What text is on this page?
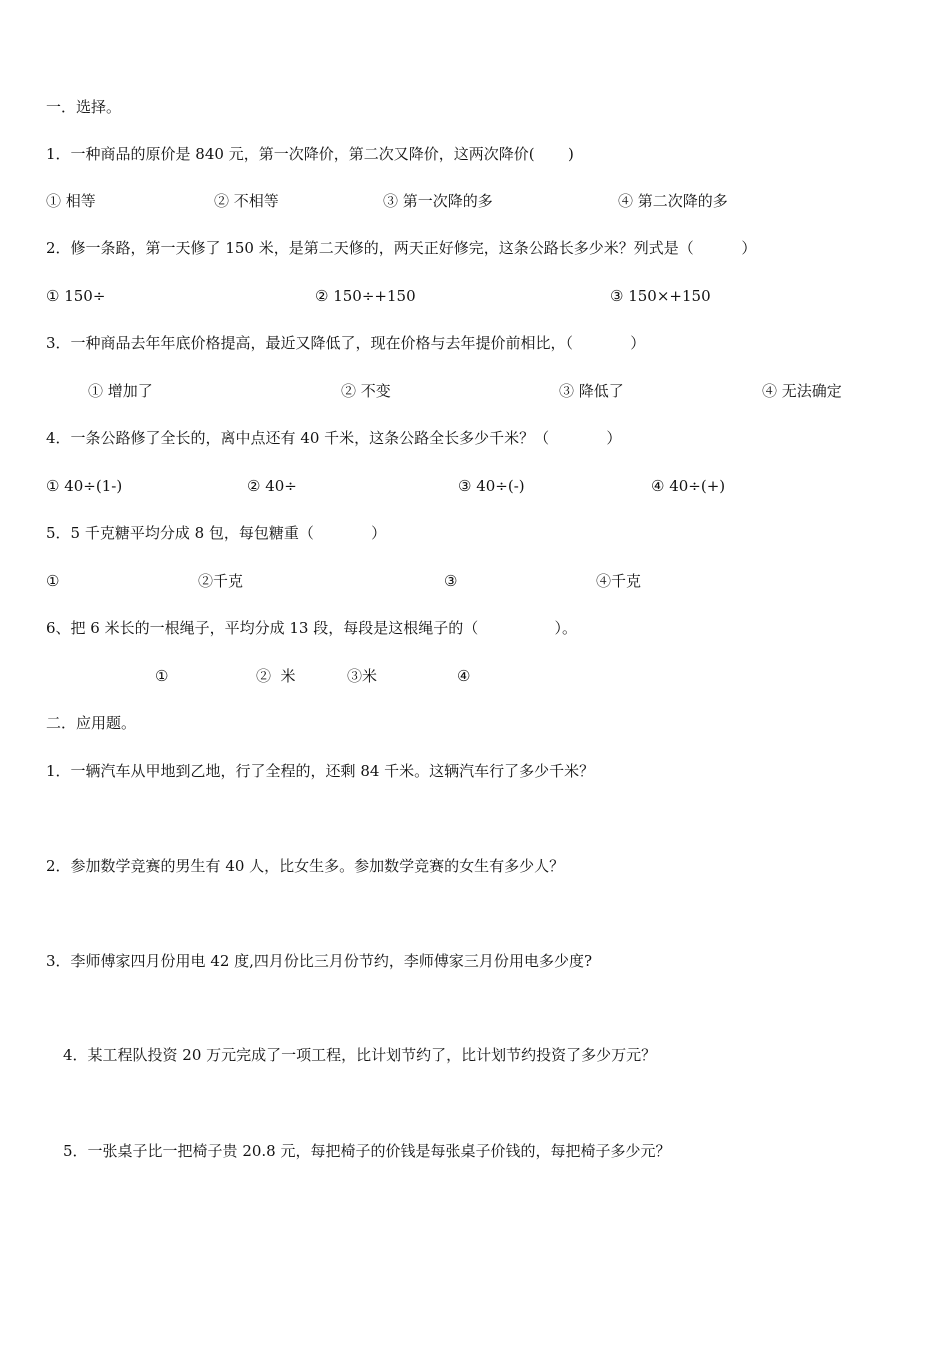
一．选择。
1．一种商品的原价是 840 元，第一次降价，第二次又降价，这两次降价(       )
① 相等	② 不相等	③ 第一次降的多	④ 第二次降的多
2．修一条路，第一天修了 150 米，是第二天修的，两天正好修完，这条公路长多少米？列式是（          ）
① 150÷	② 150÷+150	③ 150×+150
3．一种商品去年年底价格提高，最近又降低了，现在价格与去年提价前相比，（            ）
① 增加了	② 不变	③ 降低了	④ 无法确定
4．一条公路修了全长的，离中点还有 40 千米，这条公路全长多少千米？（            ）
① 40÷(1-)	② 40÷	③ 40÷(-)	④ 40÷(+)
5．5 千克糖平均分成 8 包，每包糖重（            ）
①	②千克	③	④千克
6、把 6 米长的一根绳子，平均分成 13 段，每段是这根绳子的（                ）。
①	②  米	③米	④
二．应用题。
1．一辆汽车从甲地到乙地，行了全程的，还剩 84 千米。这辆汽车行了多少千米？
2．参加数学竞赛的男生有 40 人，比女生多。参加数学竞赛的女生有多少人？
3．李师傅家四月份用电 42 度,四月份比三月份节约，李师傅家三月份用电多少度?
4．某工程队投资 20 万元完成了一项工程，比计划节约了，比计划节约投资了多少万元？
5．一张桌子比一把椅子贵 20.8 元，每把椅子的价钱是每张桌子价钱的，每把椅子多少元？
